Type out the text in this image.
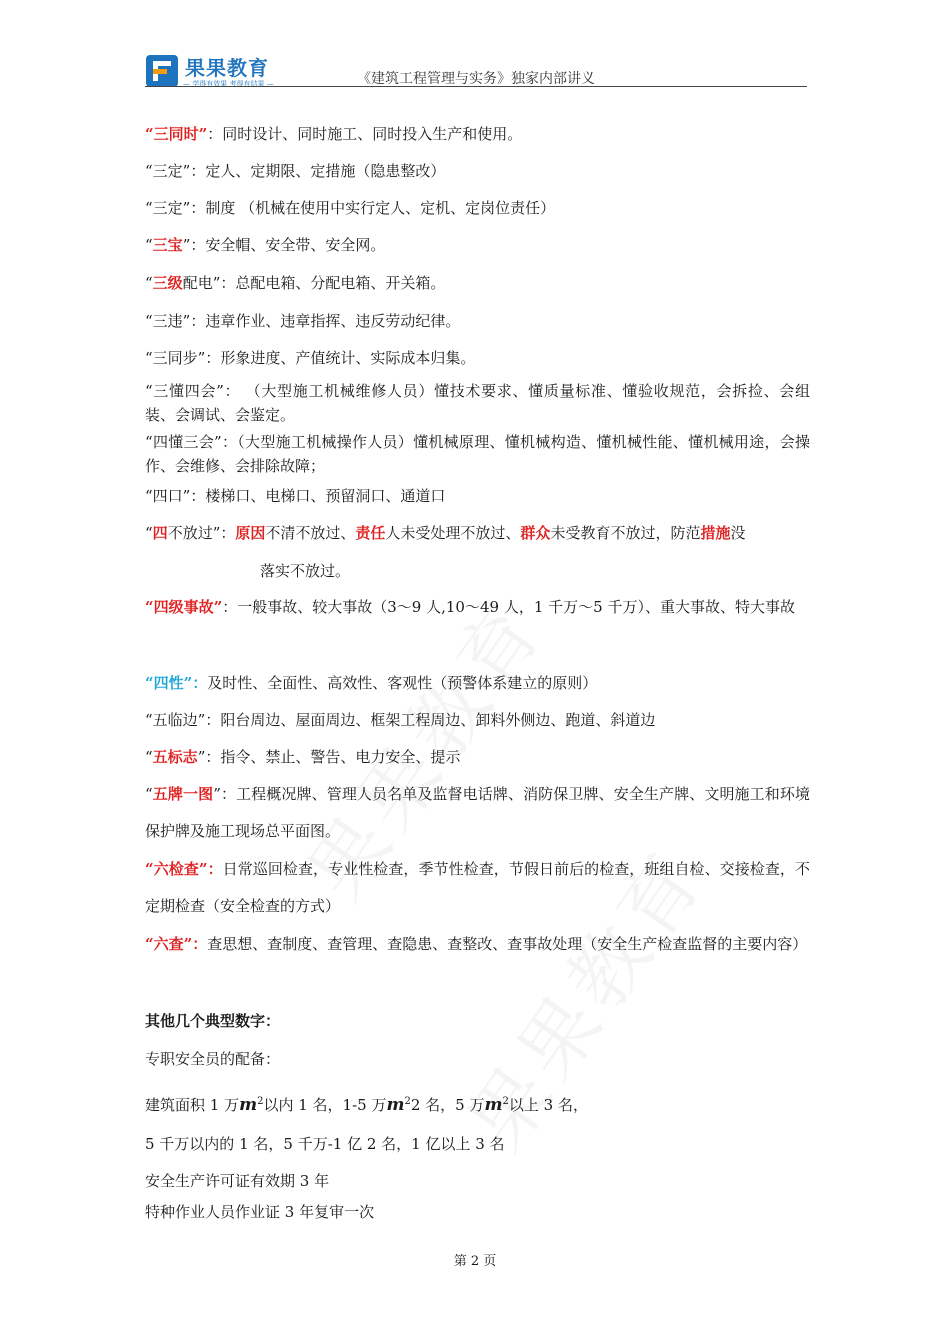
果果教育
— 学得有效果 考得有结果 —	《建筑工程管理与实务》独家内部讲义
“三同时”：同时设计、同时施工、同时投入生产和使用。
“三定”：定人、定期限、定措施（隐患整改）
“三定”：制度 （机械在使用中实行定人、定机、定岗位责任）
“三宝”：安全帽、安全带、安全网。
“三级配电”：总配电箱、分配电箱、开关箱。
“三违”：违章作业、违章指挥、违反劳动纪律。
“三同步”：形象进度、产值统计、实际成本归集。
“三懂四会”： （大型施工机械维修人员）懂技术要求、懂质量标准、懂验收规范，会拆捡、会组装、会调试、会鉴定。
“四懂三会”：（大型施工机械操作人员）懂机械原理、懂机械构造、懂机械性能、懂机械用途，会操作、会维修、会排除故障；
“四口”：楼梯口、电梯口、预留洞口、通道口
“四不放过”：原因不清不放过、责任人未受处理不放过、群众未受教育不放过，防范措施没
落实不放过。
“四级事故”：一般事故、较大事故（3～9 人,10～49 人，1 千万～5 千万）、重大事故、特大事故
“四性”：及时性、全面性、高效性、客观性（预警体系建立的原则）
“五临边”：阳台周边、屋面周边、框架工程周边、卸料外侧边、跑道、斜道边
“五标志”：指令、禁止、警告、电力安全、提示
“五牌一图”：工程概况牌、管理人员名单及监督电话牌、消防保卫牌、安全生产牌、文明施工和环境保护牌及施工现场总平面图。
“六检查”：日常巡回检查，专业性检查，季节性检查，节假日前后的检查，班组自检、交接检查，不定期检查（安全检查的方式）
“六查”：查思想、查制度、查管理、查隐患、查整改、查事故处理（安全生产检查监督的主要内容）
其他几个典型数字：
专职安全员的配备：
建筑面积 1 万$m^2$以内 1 名，1-5 万$m^22$ 名，5 万$m^2$以上 3 名，
5 千万以内的 1 名，5 千万-1 亿 2 名，1 亿以上 3 名
安全生产许可证有效期 3 年
特种作业人员作业证 3 年复审一次
第 2 页
